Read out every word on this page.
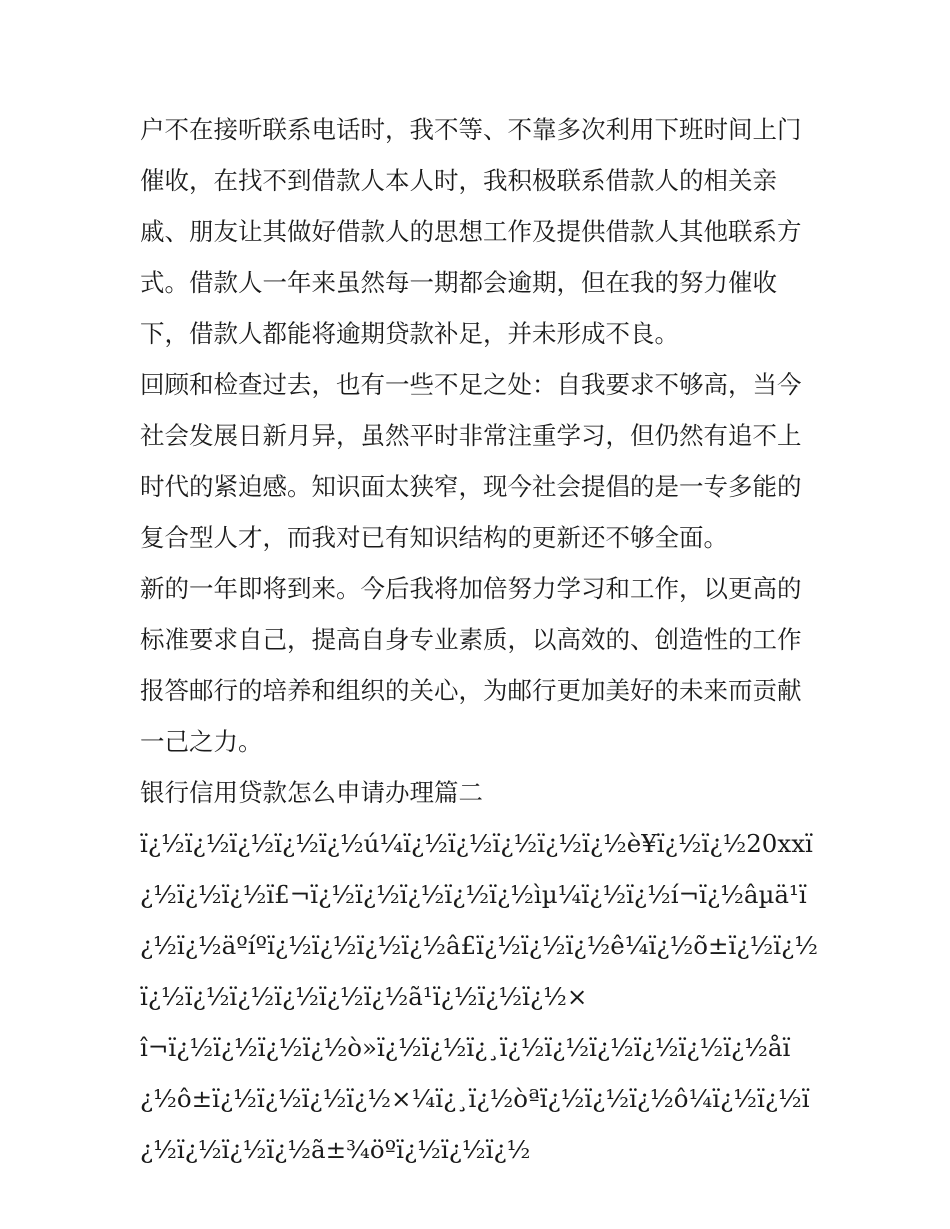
户不在接听联系电话时，我不等、不靠多次利用下班时间上门
催收，在找不到借款人本人时，我积极联系借款人的相关亲
戚、朋友让其做好借款人的思想工作及提供借款人其他联系方
式。借款人一年来虽然每一期都会逾期，但在我的努力催收
下，借款人都能将逾期贷款补足，并未形成不良。

回顾和检查过去，也有一些不足之处：自我要求不够高，当今
社会发展日新月异，虽然平时非常注重学习，但仍然有追不上
时代的紧迫感。知识面太狭窄，现今社会提倡的是一专多能的
复合型人才，而我对已有知识结构的更新还不够全面。

新的一年即将到来。今后我将加倍努力学习和工作，以更高的
标准要求自己，提高自身专业素质，以高效的、创造性的工作
报答邮行的培养和组织的关心，为邮行更加美好的未来而贡献
一己之力。

银行信用贷款怎么申请办理篇二

ï¿½ï¿½ï¿½ï¿½ï¿½ú¼ï¿½ï¿½ï¿½ï¿½ï¿½è¥ï¿½ï¿½20xxï¿½ï¿½ï¿½ï£¬ï¿½ï¿½ï¿½ï¿½ï¿½ìµ¼ï¿½ï¿½í¬ï¿½âµä¹ï¿½ï¿½äºíºï¿½ï¿½ï¿½ï¿½â£ï¿½ï¿½ï¿½ê¼ï¿½õ±ï¿½ï¿½ï¿½ï¿½ï¿½ï¿½ï¿½ï¿½ã¹ï¿½ï¿½ï¿½×

î¬ï¿½ï¿½ï¿½ï¿½ò»ï¿½ï¿½ï¿¸ï¿½ï¿½ï¿½ï¿½ï¿½ï¿½åï¿½ô±ï¿½ï¿½ï¿½ï¿½×¼ï¿¸ï¿½òªï¿½ï¿½ï¿½ô¼ï¿½ï¿½ï¿½ï¿½ï¿½ï¿½ã±¾öºï¿½ï¿½ï¿½
